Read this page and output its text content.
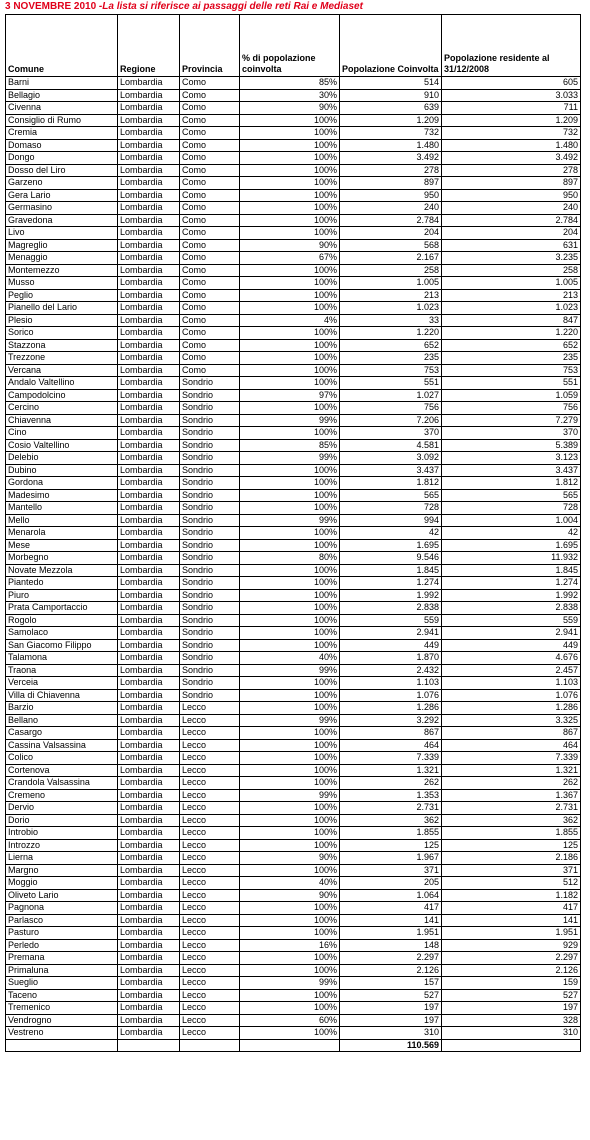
3 NOVEMBRE 2010 -La lista si riferisce ai passaggi delle reti Rai e Mediaset
Comune	Regione	Provincia	% di popolazione coinvolta	Popolazione Coinvolta	Popolazione residente al 31/12/2008
Barni	Lombardia	Como	85%	514	605
Bellagio	Lombardia	Como	30%	910	3.033
Civenna	Lombardia	Como	90%	639	711
Consiglio di Rumo	Lombardia	Como	100%	1.209	1.209
Cremia	Lombardia	Como	100%	732	732
Domaso	Lombardia	Como	100%	1.480	1.480
Dongo	Lombardia	Como	100%	3.492	3.492
Dosso del Liro	Lombardia	Como	100%	278	278
Garzeno	Lombardia	Como	100%	897	897
Gera Lario	Lombardia	Como	100%	950	950
Germasino	Lombardia	Como	100%	240	240
Gravedona	Lombardia	Como	100%	2.784	2.784
Livo	Lombardia	Como	100%	204	204
Magreglio	Lombardia	Como	90%	568	631
Menaggio	Lombardia	Como	67%	2.167	3.235
Montemezzo	Lombardia	Como	100%	258	258
Musso	Lombardia	Como	100%	1.005	1.005
Peglio	Lombardia	Como	100%	213	213
Pianello del Lario	Lombardia	Como	100%	1.023	1.023
Plesio	Lombardia	Como	4%	33	847
Sorico	Lombardia	Como	100%	1.220	1.220
Stazzona	Lombardia	Como	100%	652	652
Trezzone	Lombardia	Como	100%	235	235
Vercana	Lombardia	Como	100%	753	753
Andalo Valtellino	Lombardia	Sondrio	100%	551	551
Campodolcino	Lombardia	Sondrio	97%	1.027	1.059
Cercino	Lombardia	Sondrio	100%	756	756
Chiavenna	Lombardia	Sondrio	99%	7.206	7.279
Cino	Lombardia	Sondrio	100%	370	370
Cosio Valtellino	Lombardia	Sondrio	85%	4.581	5.389
Delebio	Lombardia	Sondrio	99%	3.092	3.123
Dubino	Lombardia	Sondrio	100%	3.437	3.437
Gordona	Lombardia	Sondrio	100%	1.812	1.812
Madesimo	Lombardia	Sondrio	100%	565	565
Mantello	Lombardia	Sondrio	100%	728	728
Mello	Lombardia	Sondrio	99%	994	1.004
Menarola	Lombardia	Sondrio	100%	42	42
Mese	Lombardia	Sondrio	100%	1.695	1.695
Morbegno	Lombardia	Sondrio	80%	9.546	11.932
Novate Mezzola	Lombardia	Sondrio	100%	1.845	1.845
Piantedo	Lombardia	Sondrio	100%	1.274	1.274
Piuro	Lombardia	Sondrio	100%	1.992	1.992
Prata Camportaccio	Lombardia	Sondrio	100%	2.838	2.838
Rogolo	Lombardia	Sondrio	100%	559	559
Samolaco	Lombardia	Sondrio	100%	2.941	2.941
San Giacomo Filippo	Lombardia	Sondrio	100%	449	449
Talamona	Lombardia	Sondrio	40%	1.870	4.676
Traona	Lombardia	Sondrio	99%	2.432	2.457
Verceia	Lombardia	Sondrio	100%	1.103	1.103
Villa di Chiavenna	Lombardia	Sondrio	100%	1.076	1.076
Barzio	Lombardia	Lecco	100%	1.286	1.286
Bellano	Lombardia	Lecco	99%	3.292	3.325
Casargo	Lombardia	Lecco	100%	867	867
Cassina Valsassina	Lombardia	Lecco	100%	464	464
Colico	Lombardia	Lecco	100%	7.339	7.339
Cortenova	Lombardia	Lecco	100%	1.321	1.321
Crandola Valsassina	Lombardia	Lecco	100%	262	262
Cremeno	Lombardia	Lecco	99%	1.353	1.367
Dervio	Lombardia	Lecco	100%	2.731	2.731
Dorio	Lombardia	Lecco	100%	362	362
Introbio	Lombardia	Lecco	100%	1.855	1.855
Introzzo	Lombardia	Lecco	100%	125	125
Lierna	Lombardia	Lecco	90%	1.967	2.186
Margno	Lombardia	Lecco	100%	371	371
Moggio	Lombardia	Lecco	40%	205	512
Oliveto Lario	Lombardia	Lecco	90%	1.064	1.182
Pagnona	Lombardia	Lecco	100%	417	417
Parlasco	Lombardia	Lecco	100%	141	141
Pasturo	Lombardia	Lecco	100%	1.951	1.951
Perledo	Lombardia	Lecco	16%	148	929
Premana	Lombardia	Lecco	100%	2.297	2.297
Primaluna	Lombardia	Lecco	100%	2.126	2.126
Sueglio	Lombardia	Lecco	99%	157	159
Taceno	Lombardia	Lecco	100%	527	527
Tremenico	Lombardia	Lecco	100%	197	197
Vendrogno	Lombardia	Lecco	60%	197	328
Vestreno	Lombardia	Lecco	100%	310	310
				110.569	
